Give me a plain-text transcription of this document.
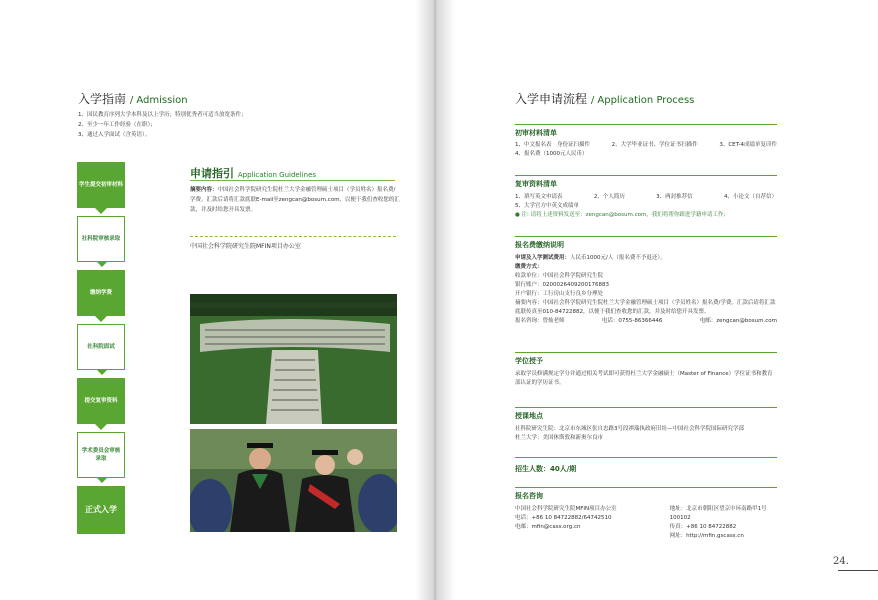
入学指南 / Admission
1、国民教育序列大学本科及以上学历；特别优秀者可适当放宽条件；
2、至少一年工作经验（在职）；
3、通过入学面试（含英语）。
学生提交初审材料
社科院审核录取
缴纳学费
社科院面试
提交复审资料
学术委员会审核录取
正式入学
申请指引 Application Guidelines
摘要内容：中国社会科学院研究生院杜兰大学金融管理硕士项目（学员姓名）报名费/学费。汇款后请将汇款底联E-mail至zengcan@bosum.com，以便于我们查收您的汇款，并及时给您开具发票。
中国社会科学院研究生院MFIN项目办公室
入学申请流程 / Application Process
初审材料清单
1、中文报名表　身份证扫描件	2、大学毕业证书、学位证书扫描件	3、CET-4成绩单复印件
4、报名费（1000元人民币）
复审资料清单
1、填写英文申请表	2、个人简历	3、两封推荐信	4、小论文（自荐信）
5、大学官方中英文成绩单
● 注: 请将上述资料发送至：zengcan@bosum.com，我们将帮你跟进学籍申请工作；
报名费缴纳说明
申请及入学测试费用：人民币1000元/人（报名费不予退还）。
缴费方式：
收款单位：中国社会科学院研究生院
银行账户：0200026409200176883
开户银行：工行房山支行良乡分理处
摘要内容：中国社会科学院研究生院杜兰大学金融管理硕士项目（学员姓名）报名费/学费。汇款后请将汇款底联传真至010-84722882，以便于我们查收您的汇款，并及时给您开具发票。
报名咨询：曾灿老师	电话：0755-86366446	电邮：zengcan@bosum.com
学位授予
录取学员修满规定学分并通过相关考试即可获得杜兰大学金融硕士（Master of Finance）学位证书和教育部认证的学历证书。
授课地点
社科院研究生院：北京市东城区张自忠路3号段祺瑞执政府旧址—中国社会科学院国际研究学部
杜兰大学：美国休斯敦和新奥尔良市
招生人数：40人/期
报名咨询
中国社会科学院研究生院MFIN项目办公室
电话：+86 10 84722882/64742510
电邮：mfin@cass.org.cn
地址：北京市朝阳区望京中环南路甲1号100102
传真：+86 10 84722882
网址：http://mfin.gscass.cn
24.
